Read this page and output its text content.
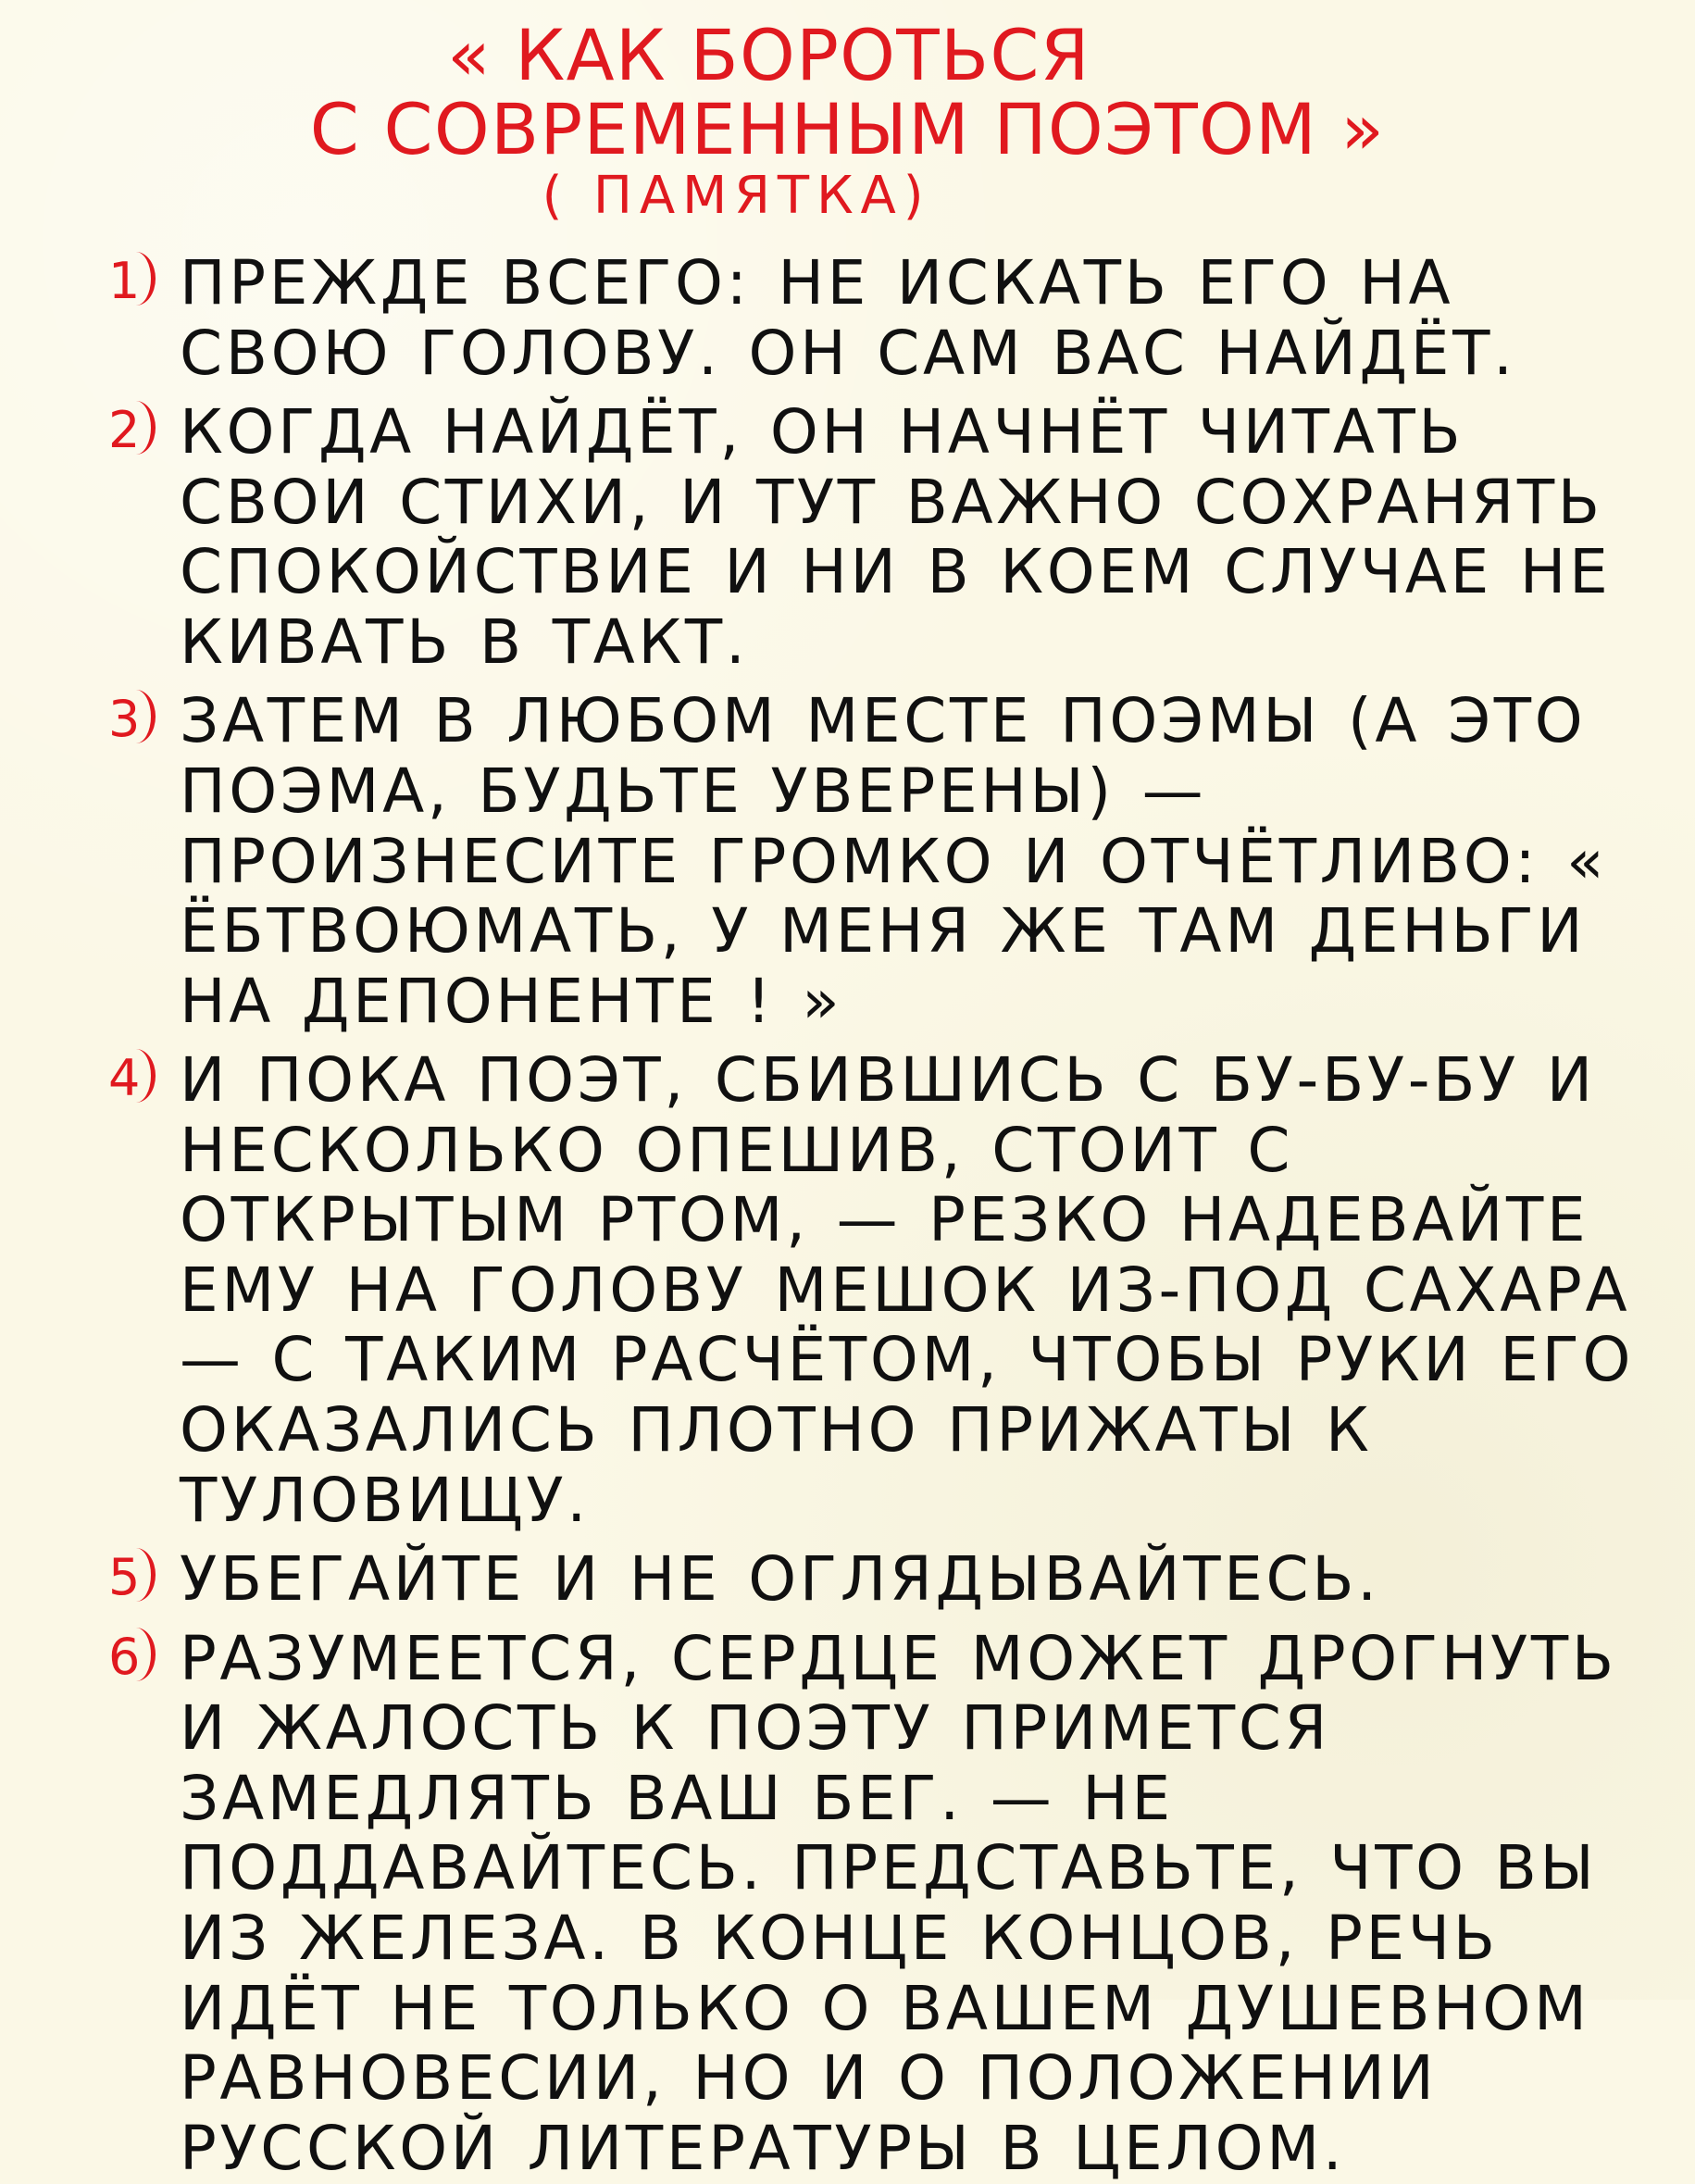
« КАК БОРОТЬСЯ
С СОВРЕМЕННЫМ ПОЭТОМ »
( ПАМЯТКА)
1 ПРЕЖДЕ ВСЕГО: НЕ ИСКАТЬ ЕГО НА СВОЮ ГОЛОВУ. ОН САМ ВАС НАЙДЁТ.
2 КОГДА НАЙДЁТ, ОН НАЧНЁТ ЧИТАТЬ СВОИ СТИХИ, И ТУТ ВАЖНО СОХРАНЯТЬ СПОКОЙСТВИЕ И НИ В КОЕМ СЛУЧАЕ НЕ КИВАТЬ В ТАКТ.
3 ЗАТЕМ В ЛЮБОМ МЕСТЕ ПОЭМЫ (А ЭТО ПОЭМА, БУДЬТЕ УВЕРЕНЫ) — ПРОИЗНЕСИТЕ ГРОМКО И ОТЧЁТЛИВО: « ЁБТВОЮМАТЬ, У МЕНЯ ЖЕ ТАМ ДЕНЬГИ НА ДЕПОНЕНТЕ ! »
4 И ПОКА ПОЭТ, СБИВШИСЬ С БУ-БУ-БУ И НЕСКОЛЬКО ОПЕШИВ, СТОИТ С ОТКРЫТЫМ РТОМ, — РЕЗКО НАДЕВАЙТЕ ЕМУ НА ГОЛОВУ МЕШОК ИЗ-ПОД САХАРА — С ТАКИМ РАСЧЁТОМ, ЧТОБЫ РУКИ ЕГО ОКАЗАЛИСЬ ПЛОТНО ПРИЖАТЫ К ТУЛОВИЩУ.
5 УБЕГАЙТЕ И НЕ ОГЛЯДЫВАЙТЕСЬ.
6 РАЗУМЕЕТСЯ, СЕРДЦЕ МОЖЕТ ДРОГНУТЬ И ЖАЛОСТЬ К ПОЭТУ ПРИМЕТСЯ ЗАМЕДЛЯТЬ ВАШ БЕГ. — НЕ ПОДДАВАЙТЕСЬ. ПРЕДСТАВЬТЕ, ЧТО ВЫ ИЗ ЖЕЛЕЗА. В КОНЦЕ КОНЦОВ, РЕЧЬ ИДЁТ НЕ ТОЛЬКО О ВАШЕМ ДУШЕВНОМ РАВНОВЕСИИ, НО И О ПОЛОЖЕНИИ РУССКОЙ ЛИТЕРАТУРЫ В ЦЕЛОМ.
